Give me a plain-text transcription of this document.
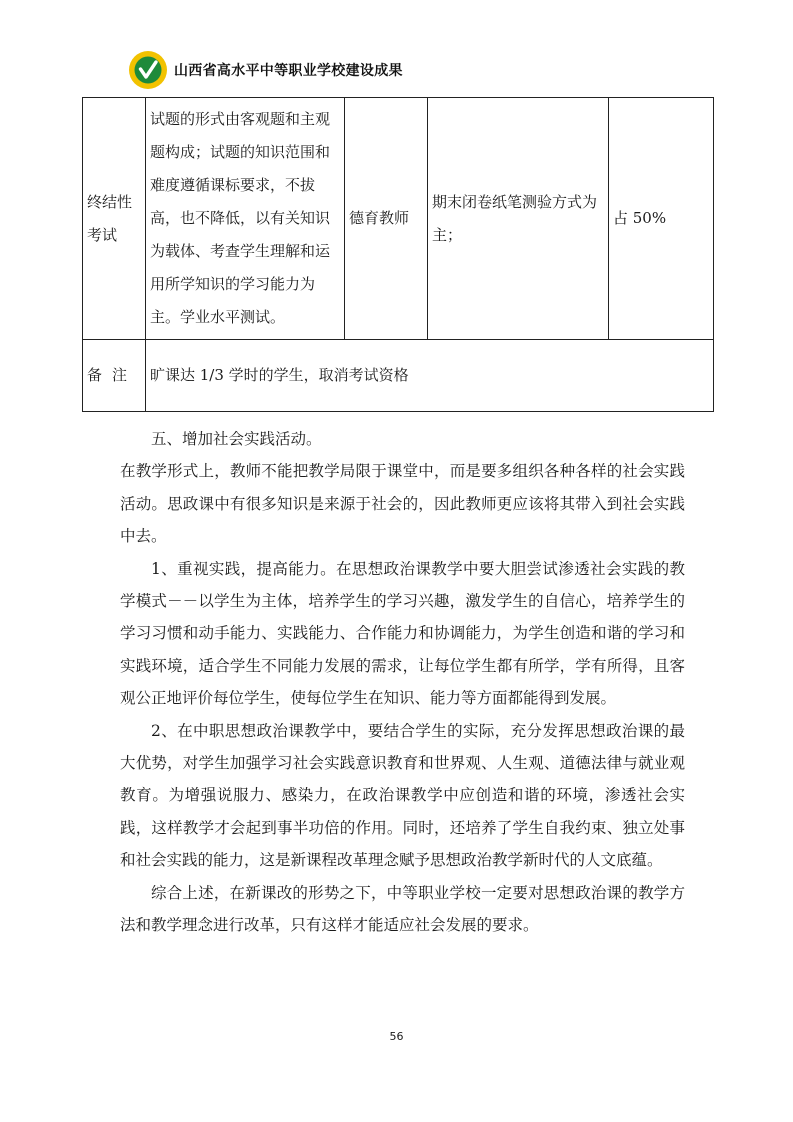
山西省高水平中等职业学校建设成果
终结性考试	试题的形式由客观题和主观题构成；试题的知识范围和难度遵循课标要求，不拔高，也不降低，以有关知识为载体、考查学生理解和运用所学知识的学习能力为主。学业水平测试。	德育教师	期末闭卷纸笔测验方式为主；	占 50%
备注	旷课达 1/3 学时的学生，取消考试资格			

五、增加社会实践活动。

在教学形式上，教师不能把教学局限于课堂中，而是要多组织各种各样的社会实践活动。思政课中有很多知识是来源于社会的，因此教师更应该将其带入到社会实践中去。

1、重视实践，提高能力。在思想政治课教学中要大胆尝试渗透社会实践的教学模式－－以学生为主体，培养学生的学习兴趣，激发学生的自信心，培养学生的学习习惯和动手能力、实践能力、合作能力和协调能力，为学生创造和谐的学习和实践环境，适合学生不同能力发展的需求，让每位学生都有所学，学有所得，且客观公正地评价每位学生，使每位学生在知识、能力等方面都能得到发展。

2、在中职思想政治课教学中，要结合学生的实际，充分发挥思想政治课的最大优势，对学生加强学习社会实践意识教育和世界观、人生观、道德法律与就业观教育。为增强说服力、感染力，在政治课教学中应创造和谐的环境，渗透社会实践，这样教学才会起到事半功倍的作用。同时，还培养了学生自我约束、独立处事和社会实践的能力，这是新课程改革理念赋予思想政治教学新时代的人文底蕴。

综合上述，在新课改的形势之下，中等职业学校一定要对思想政治课的教学方法和教学理念进行改革，只有这样才能适应社会发展的要求。

56
